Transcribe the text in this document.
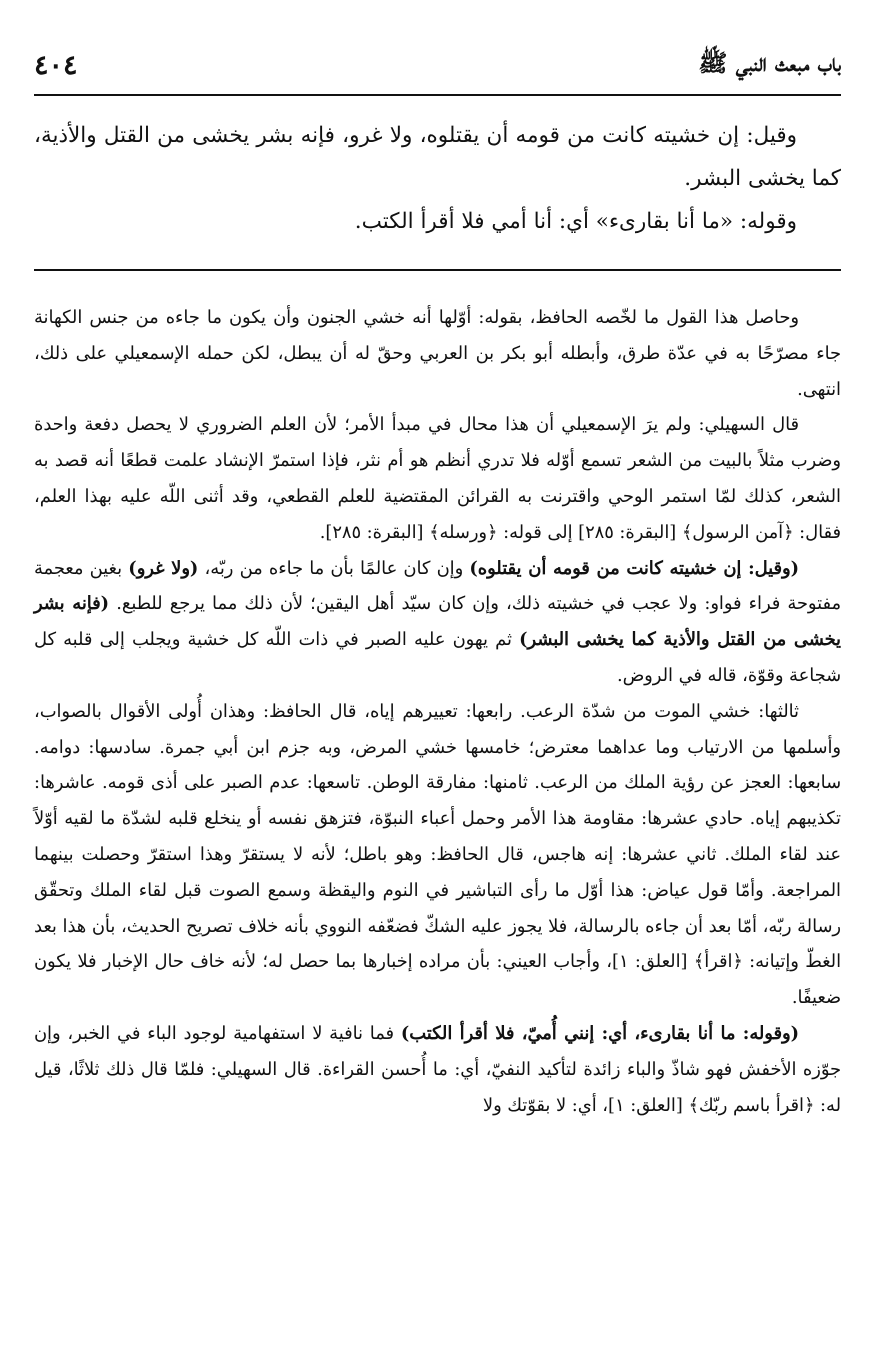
باب مبعث النبي ﷺ
٤٠٤

وقيل: إن خشيته كانت من قومه أن يقتلوه، ولا غرو، فإنه بشر يخشى من القتل والأذية، كما يخشى البشر.

وقوله: «ما أنا بقارىء» أي: أنا أمي فلا أقرأ الكتب.

وحاصل هذا القول ما لخّصه الحافظ، بقوله: أوّلها أنه خشي الجنون وأن يكون ما جاءه من جنس الكهانة جاء مصرّحًا به في عدّة طرق، وأبطله أبو بكر بن العربي وحقّ له أن يبطل، لكن حمله الإسمعيلي على ذلك، انتهى.

قال السهيلي: ولم يرَ الإسمعيلي أن هذا محال في مبدأ الأمر؛ لأن العلم الضروري لا يحصل دفعة واحدة وضرب مثلاً بالبيت من الشعر تسمع أوّله فلا تدري أنظم هو أم نثر، فإذا استمرّ الإنشاد علمت قطعًا أنه قصد به الشعر، كذلك لمّا استمر الوحي واقترنت به القرائن المقتضية للعلم القطعي، وقد أثنى اللّه عليه بهذا العلم، فقال: ﴿آمن الرسول﴾ [البقرة: ٢٨٥] إلى قوله: ﴿ورسله﴾ [البقرة: ٢٨٥].

(وقيل: إن خشيته كانت من قومه أن يقتلوه) وإن كان عالمًا بأن ما جاءه من ربّه، (ولا غرو) بغين معجمة مفتوحة فراء فواو: ولا عجب في خشيته ذلك، وإن كان سيّد أهل اليقين؛ لأن ذلك مما يرجع للطبع. (فإنه بشر يخشى من القتل والأذية كما يخشى البشر) ثم يهون عليه الصبر في ذات اللّه كل خشية ويجلب إلى قلبه كل شجاعة وقوّة، قاله في الروض.

ثالثها: خشي الموت من شدّة الرعب. رابعها: تعييرهم إياه، قال الحافظ: وهذان أُولى الأقوال بالصواب، وأسلمها من الارتياب وما عداهما معترض؛ خامسها خشي المرض، وبه جزم ابن أبي جمرة. سادسها: دوامه. سابعها: العجز عن رؤية الملك من الرعب. ثامنها: مفارقة الوطن. تاسعها: عدم الصبر على أذى قومه. عاشرها: تكذيبهم إياه. حادي عشرها: مقاومة هذا الأمر وحمل أعباء النبوّة، فتزهق نفسه أو ينخلع قلبه لشدّة ما لقيه أوّلاً عند لقاء الملك. ثاني عشرها: إنه هاجس، قال الحافظ: وهو باطل؛ لأنه لا يستقرّ وهذا استقرّ وحصلت بينهما المراجعة. وأمّا قول عياض: هذا أوّل ما رأى التباشير في النوم واليقظة وسمع الصوت قبل لقاء الملك وتحقّق رسالة ربّه، أمّا بعد أن جاءه بالرسالة، فلا يجوز عليه الشكّ فضعّفه النووي بأنه خلاف تصريح الحديث، بأن هذا بعد الغطّ وإتيانه: ﴿اقرأ﴾ [العلق: ١]، وأجاب العيني: بأن مراده إخبارها بما حصل له؛ لأنه خاف حال الإخبار فلا يكون ضعيفًا.

(وقوله: ما أنا بقارىء، أي: إنني أُميّ، فلا أقرأ الكتب) فما نافية لا استفهامية لوجود الباء في الخبر، وإن جوّزه الأخفش فهو شاذّ والباء زائدة لتأكيد النفيّ، أي: ما أُحسن القراءة. قال السهيلي: فلمّا قال ذلك ثلاثًا، قيل له: ﴿اقرأ باسم ربّك﴾ [العلق: ١]، أي: لا بقوّتك ولا
